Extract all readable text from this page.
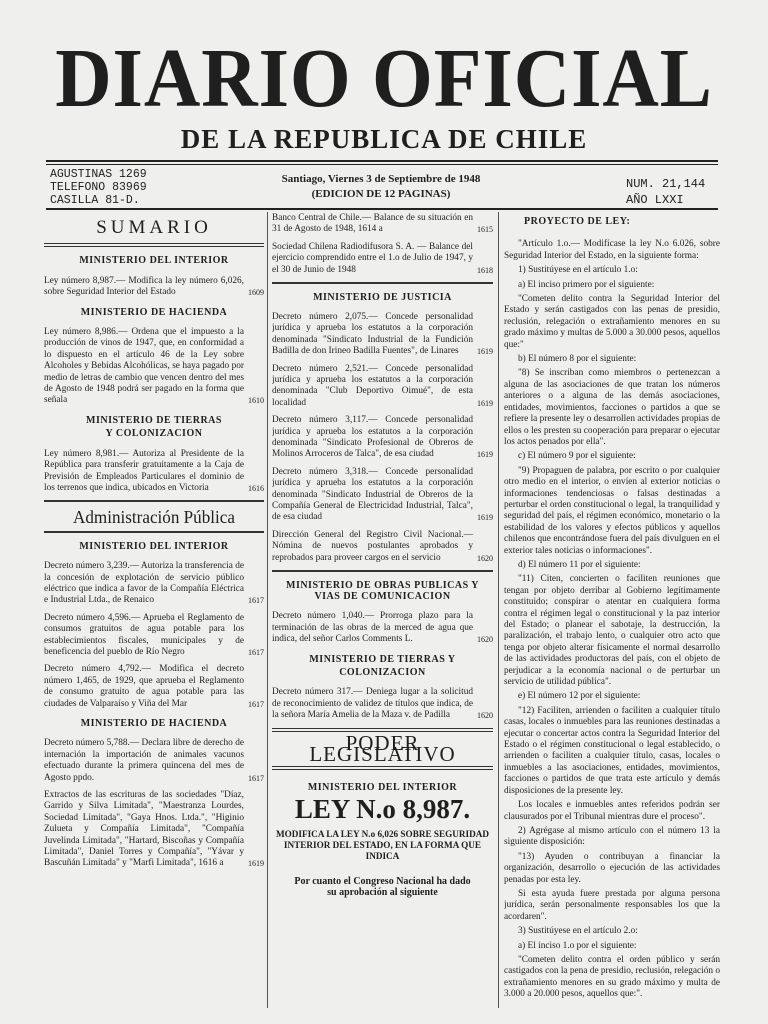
DIARIO OFICIAL
DE LA REPUBLICA DE CHILE
AGUSTINAS 1269
TELEFONO 83969
CASILLA 81-D.
Santiago, Viernes 3 de Septiembre de 1948
(EDICION DE 12 PAGINAS)
NUM. 21,144
AÑO LXXI
SUMARIO
MINISTERIO DEL INTERIOR
Ley número 8,987.— Modifica la ley número 6,026, sobre Seguridad Interior del Estado	1609
MINISTERIO DE HACIENDA
Ley número 8,986.— Ordena que el impuesto a la producción de vinos de 1947, que, en conformidad a lo dispuesto en el artículo 46 de la Ley sobre Alcoholes y Bebidas Alcohólicas, se haya pagado por medio de letras de cambio que vencen dentro del mes de Agosto de 1948 podrá ser pagado en la forma que señala	1610
MINISTERIO DE TIERRAS
Y COLONIZACION
Ley número 8,981.— Autoriza al Presidente de la República para transferir gratuitamente a la Caja de Previsión de Empleados Particulares el dominio de los terrenos que indica, ubicados en Victoria	1616
Administración Pública
MINISTERIO DEL INTERIOR
Decreto número 3,239.— Autoriza la transferencia de la concesión de explotación de servicio público eléctrico que indica a favor de la Compañía Eléctrica e Industrial Ltda., de Renaico	1617
Decreto número 4,596.— Aprueba el Reglamento de consumos gratuitos de agua potable para los establecimientos fiscales, municipales y de beneficencia del pueblo de Río Negro	1617
Decreto número 4,792.— Modifica el decreto número 1,465, de 1929, que aprueba el Reglamento de consumo gratuito de agua potable para las ciudades de Valparaíso y Viña del Mar	1617
MINISTERIO DE HACIENDA
Decreto número 5,788.— Declara libre de derecho de internación la importación de animales vacunos efectuado durante la primera quincena del mes de Agosto ppdo.	1617
Extractos de las escrituras de las sociedades "Díaz, Garrido y Silva Limitada", "Maestranza Lourdes, Sociedad Limitada", "Gaya Hnos. Ltda.", "Higinio Zulueta y Compañía Limitada", "Compañía Juvelinda Limitada", "Hartard, Biscoñas y Compañía Limitada", Daniel Torres y Compañía", "Yávar y Bascuñán Limitada" y "Marfi Limitada", 1616 a	1619
Banco Central de Chile.— Balance de su situación en 31 de Agosto de 1948, 1614 a	1615
Sociedad Chilena Radiodifusora S. A. — Balance del ejercicio comprendido entre el 1.o de Julio de 1947, y el 30 de Junio de 1948	1618
MINISTERIO DE JUSTICIA
Decreto número 2,075.— Concede personalidad jurídica y aprueba los estatutos a la corporación denominada "Sindicato Industrial de la Fundición Badilla de don Irineo Badilla Fuentes", de Linares	1619
Decreto número 2,521.— Concede personalidad jurídica y aprueba los estatutos a la corporación denominada "Club Deportivo Oimué", de esta localidad	1619
Decreto número 3,117.— Concede personalidad jurídica y aprueba los estatutos a la corporación denominada "Sindicato Profesional de Obreros de Molinos Arroceros de Talca", de esa ciudad	1619
Decreto número 3,318.— Concede personalidad jurídica y aprueba los estatutos a la corporación denominada "Sindicato Industrial de Obreros de la Compañía General de Electricidad Industrial, Talca", de esa ciudad	1619
Dirección General del Registro Civil Nacional.— Nómina de nuevos postulantes aprobados y reprobados para proveer cargos en el servicio	1620
MINISTERIO DE OBRAS PUBLICAS Y VIAS DE COMUNICACION
Decreto número 1,040.— Prorroga plazo para la terminación de las obras de la merced de agua que indica, del señor Carlos Comments L.	1620
MINISTERIO DE TIERRAS Y
COLONIZACION
Decreto número 317.— Deniega lugar a la solicitud de reconocimiento de validez de títulos que indica, de la señora María Amelia de la Maza v. de Padilla	1620
PODER LEGISLATIVO
MINISTERIO DEL INTERIOR
LEY N.o 8,987.
MODIFICA LA LEY N.o 6,026 SOBRE SEGURIDAD INTERIOR DEL ESTADO, EN LA FORMA QUE INDICA
Por cuanto el Congreso Nacional ha dado su aprobación al siguiente
PROYECTO DE LEY:

"Artículo 1.o.— Modifícase la ley N.o 6.026, sobre Seguridad Interior del Estado, en la siguiente forma:

1) Sustitúyese en el artículo 1.o:

a) El inciso primero por el siguiente:

"Cometen delito contra la Seguridad Interior del Estado y serán castigados con las penas de presidio, reclusión, relegación o extrañamiento menores en su grado máximo y multas de 5.000 a 30.000 pesos, aquellos que:"

b) El número 8 por el siguiente:

"8) Se inscriban como miembros o pertenezcan a alguna de las asociaciones de que tratan los números anteriores o a alguna de las demás asociaciones, entidades, movimientos, facciones o partidos a que se refiere la presente ley o desarrollen actividades propias de ellos o les presten su cooperación para preparar o ejecutar los actos penados por ella".

c) El número 9 por el siguiente:

"9) Propaguen de palabra, por escrito o por cualquier otro medio en el interior, o envíen al exterior noticias o informaciones tendenciosas o falsas destinadas a perturbar el orden constitucional o legal, la tranquilidad y seguridad del país, el régimen económico, monetario o la estabilidad de los valores y efectos públicos y aquellos chilenos que encontrándose fuera del país divulguen en el exterior tales noticias o informaciones".

d) El número 11 por el siguiente:

"11) Citen, concierten o faciliten reuniones que tengan por objeto derribar al Gobierno legítimamente constituido; conspirar o atentar en cualquiera forma contra el régimen legal o constitucional y la paz interior del Estado; o planear el sabotaje, la destrucción, la paralización, el trabajo lento, o cualquier otro acto que tenga por objeto alterar físicamente el normal desarrollo de las actividades productoras del país, con el objeto de perjudicar a la economía nacional o de perturbar un servicio de utilidad pública".

e) El número 12 por el siguiente:

"12) Faciliten, arrienden o faciliten a cualquier título casas, locales o inmuebles para las reuniones destinadas a ejecutar o concertar actos contra la Seguridad Interior del Estado o el régimen constitucional o legal establecido, o arrienden o faciliten a cualquier título, casas, locales o inmuebles a las asociaciones, entidades, movimientos, facciones o partidos de que trata este artículo y demás disposiciones de la presente ley.

Los locales e inmuebles antes referidos podrán ser clausurados por el Tribunal mientras dure el proceso".

2) Agrégase al mismo artículo con el número 13 la siguiente disposición:

"13) Ayuden o contribuyan a financiar la organización, desarrollo o ejecución de las actividades penadas por esta ley.

Si esta ayuda fuere prestada por alguna persona jurídica, serán personalmente responsables los que la acordaren".

3) Sustitúyese en el artículo 2.o:

a) El inciso 1.o por el siguiente:

"Cometen delito contra el orden público y serán castigados con la pena de presidio, reclusión, relegación o extrañamiento menores en su grado máximo y multa de 3.000 a 20.000 pesos, aquellos que:".
